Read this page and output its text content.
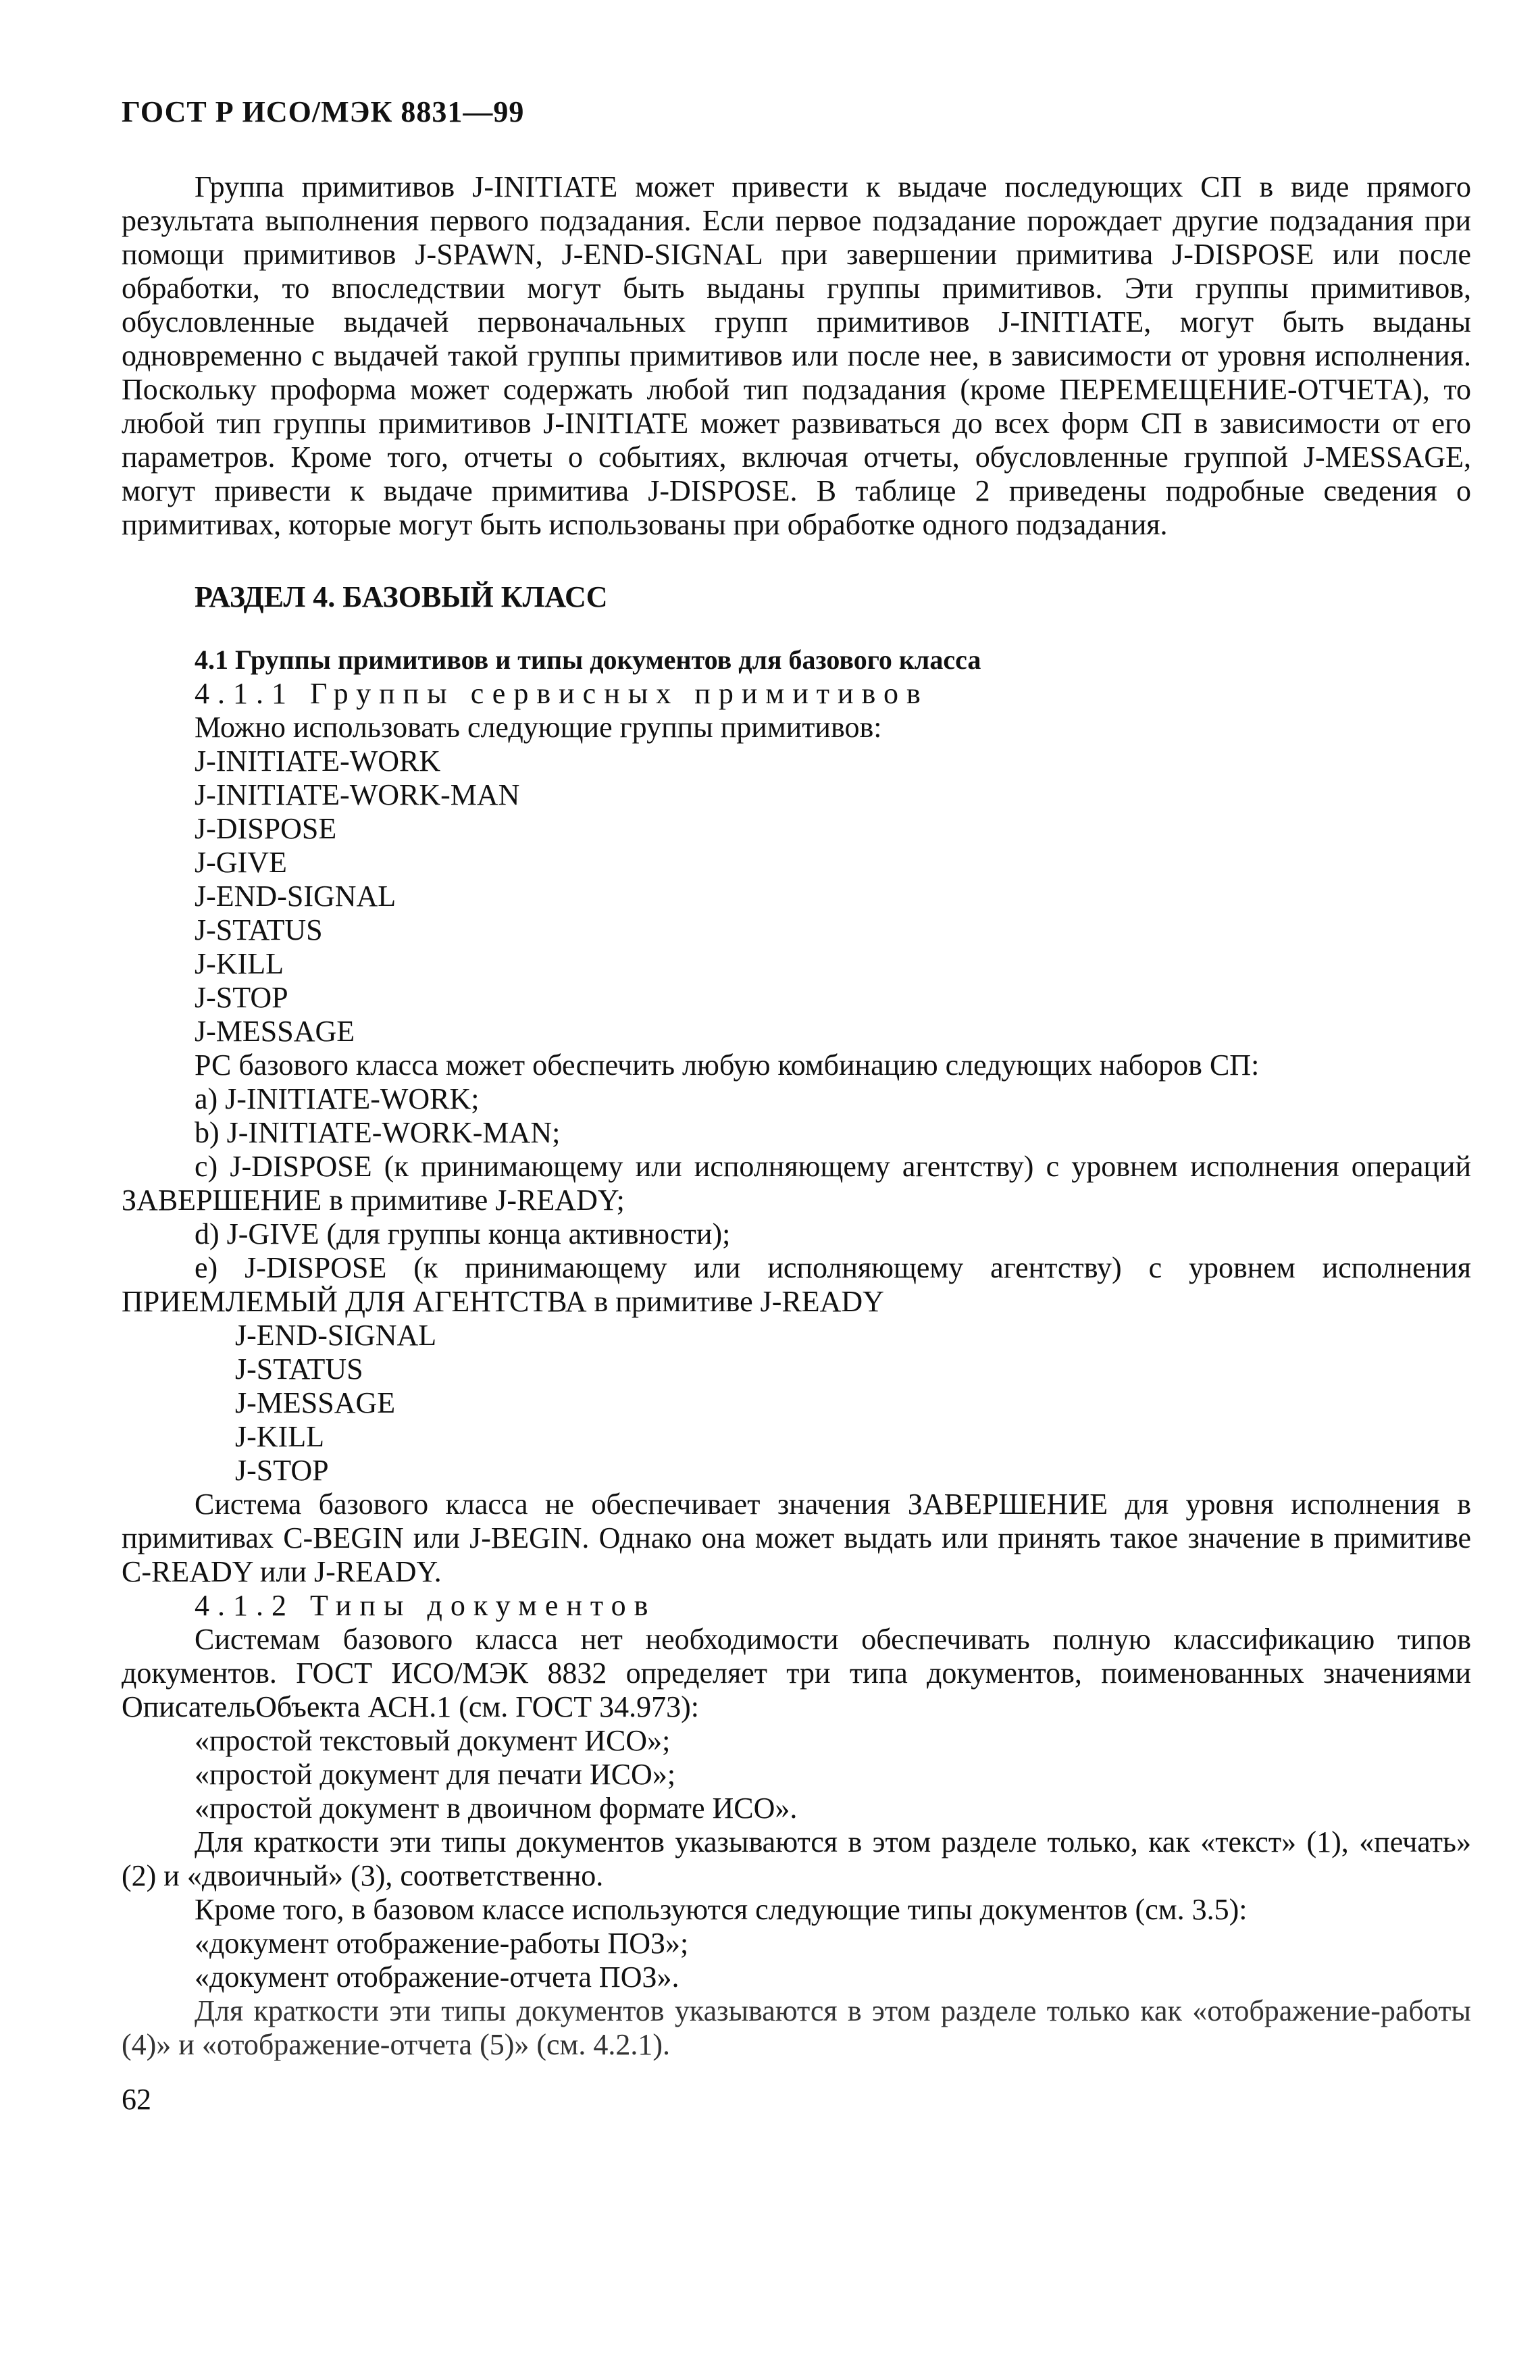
ГОСТ Р ИСО/МЭК 8831—99
Группа примитивов J-INITIATE может привести к выдаче последующих СП в виде прямого результата выполнения первого подзадания. Если первое подзадание порождает другие подзадания при помощи примитивов J-SPAWN, J-END-SIGNAL при завершении примитива J-DISPOSE или после обработки, то впоследствии могут быть выданы группы примитивов. Эти группы примитивов, обусловленные выдачей первоначальных групп примитивов J-INITIATE, могут быть выданы одновременно с выдачей такой группы примитивов или после нее, в зависимости от уровня исполнения. Поскольку проформа может содержать любой тип подзадания (кроме ПЕРЕМЕЩЕНИЕ-ОТЧЕТА), то любой тип группы примитивов J-INITIATE может развиваться до всех форм СП в зависимости от его параметров. Кроме того, отчеты о событиях, включая отчеты, обусловленные группой J-MESSAGE, могут привести к выдаче примитива J-DISPOSE. В таблице 2 приведены подробные сведения о примитивах, которые могут быть использованы при обработке одного подзадания.
РАЗДЕЛ 4. БАЗОВЫЙ КЛАСС
4.1 Группы примитивов и типы документов для базового класса
4.1.1 Группы сервисных примитивов
Можно использовать следующие группы примитивов:
J-INITIATE-WORK
J-INITIATE-WORK-MAN
J-DISPOSE
J-GIVE
J-END-SIGNAL
J-STATUS
J-KILL
J-STOP
J-MESSAGE
РС базового класса может обеспечить любую комбинацию следующих наборов СП:
a) J-INITIATE-WORK;
b) J-INITIATE-WORK-MAN;
c) J-DISPOSE (к принимающему или исполняющему агентству) с уровнем исполнения операций ЗАВЕРШЕНИЕ в примитиве J-READY;
d) J-GIVE (для группы конца активности);
e) J-DISPOSE (к принимающему или исполняющему агентству) с уровнем исполнения ПРИЕМЛЕМЫЙ ДЛЯ АГЕНТСТВА в примитиве J-READY
J-END-SIGNAL
J-STATUS
J-MESSAGE
J-KILL
J-STOP
Система базового класса не обеспечивает значения ЗАВЕРШЕНИЕ для уровня исполнения в примитивах C-BEGIN или J-BEGIN. Однако она может выдать или принять такое значение в примитиве C-READY или J-READY.
4.1.2 Типы документов
Системам базового класса нет необходимости обеспечивать полную классификацию типов документов. ГОСТ ИСО/МЭК 8832 определяет три типа документов, поименованных значениями ОписательОбъекта АСН.1 (см. ГОСТ 34.973):
«простой текстовый документ ИСО»;
«простой документ для печати ИСО»;
«простой документ в двоичном формате ИСО».
Для краткости эти типы документов указываются в этом разделе только, как «текст» (1), «печать» (2) и «двоичный» (3), соответственно.
Кроме того, в базовом классе используются следующие типы документов (см. 3.5):
«документ отображение-работы ПОЗ»;
«документ отображение-отчета ПОЗ».
Для краткости эти типы документов указываются в этом разделе только как «отображение-работы (4)» и «отображение-отчета (5)» (см. 4.2.1).
62
